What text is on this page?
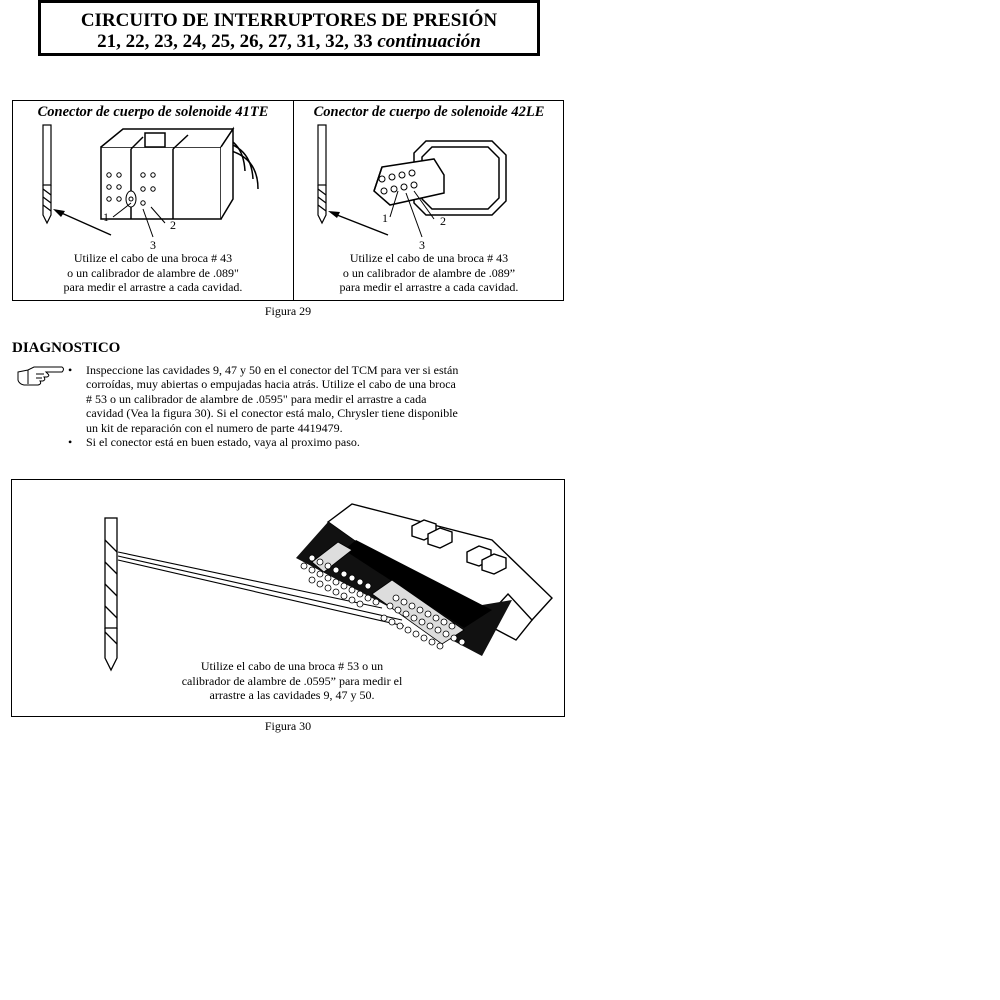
CIRCUITO DE INTERRUPTORES DE PRESIÓN
21, 22, 23, 24, 25, 26, 27, 31, 32, 33 continuación
Conector de cuerpo de solenoide 41TE
1
2
3
Utilize el cabo de una broca # 43
o un calibrador de alambre de .089"
para medir el arrastre a cada cavidad.
Conector de cuerpo de solenoide 42LE
1	2
3
Utilize el cabo de una broca # 43
o un calibrador de alambre de .089”
para medir el arrastre a cada cavidad.
Figura 29
DIAGNOSTICO
• Inspeccione las cavidades 9, 47 y 50 en el conector del TCM para ver si están
corroídas, muy abiertas o empujadas hacia atrás. Utilize el cabo de una broca
# 53 o un calibrador de alambre de .0595" para medir el arrastre a cada
cavidad (Vea la figura 30). Si el conector está malo, Chrysler tiene disponible
un kit de reparación con el numero de parte 4419479.
• Si el conector está en buen estado, vaya al proximo paso.
Utilize el cabo de una broca # 53 o un
calibrador de alambre de .0595” para medir el
arrastre a las cavidades 9, 47 y 50.
Figura 30
